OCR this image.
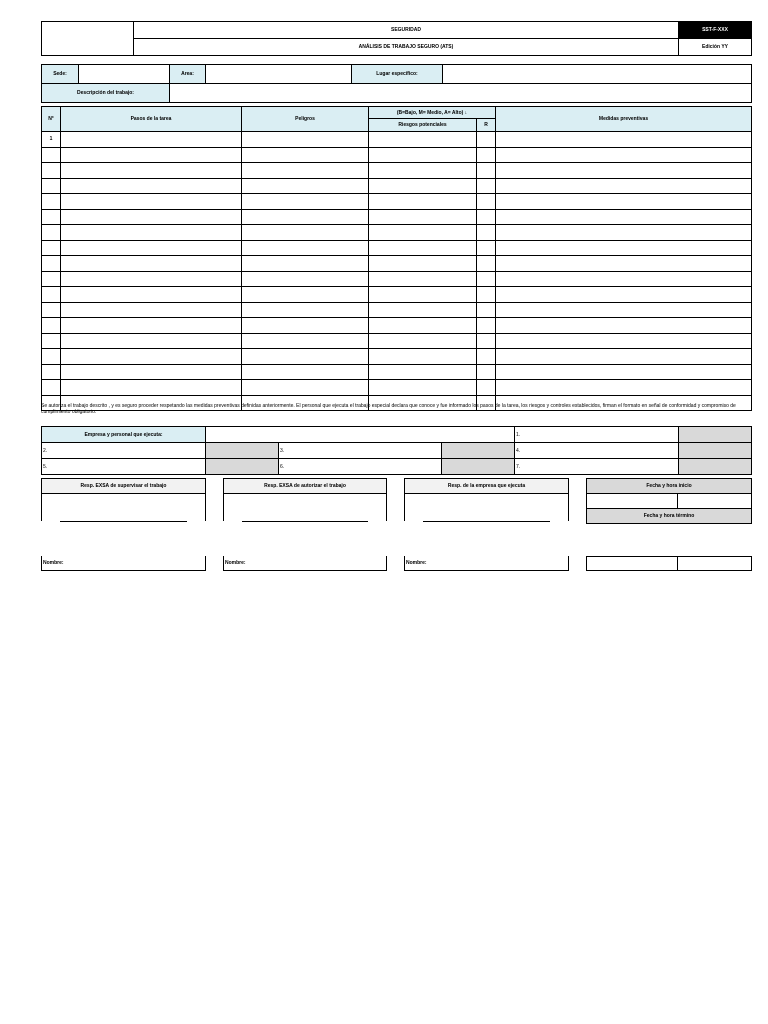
	SEGURIDAD	SST-F-XXX
	ANÁLISIS DE TRABAJO SEGURO (ATS)	Edición YY
Sede:		Area:		Lugar específico:	
Descripción del trabajo:	
N°	Pasos de la tarea	Peligros	(B=Bajo, M= Medio, A= Alto) ↓		Medidas preventivas
			Riesgos potenciales	R	
1					

Se autoriza el trabajo descrito , y es seguro proceder respetando las medidas preventivas definidas anteriormente. El personal que ejecuta el trabajo especial declara que conoce y fue informado los pasos de la tarea, los riesgos y controles establecidos, firman el formato en señal de conformidad y compromiso de cumplimiento obligatorio.
Empresa y personal que ejecuta:				1.	
2.		3.		4.	
5.		6.		7.	
Resp. EXSA de supervisar el trabajo	Resp. EXSA de autorizar el trabajo	Resp. de la empresa que ejecuta	Fecha y hora inicio

Fecha y hora término
Nombre:	Nombre:	Nombre:
